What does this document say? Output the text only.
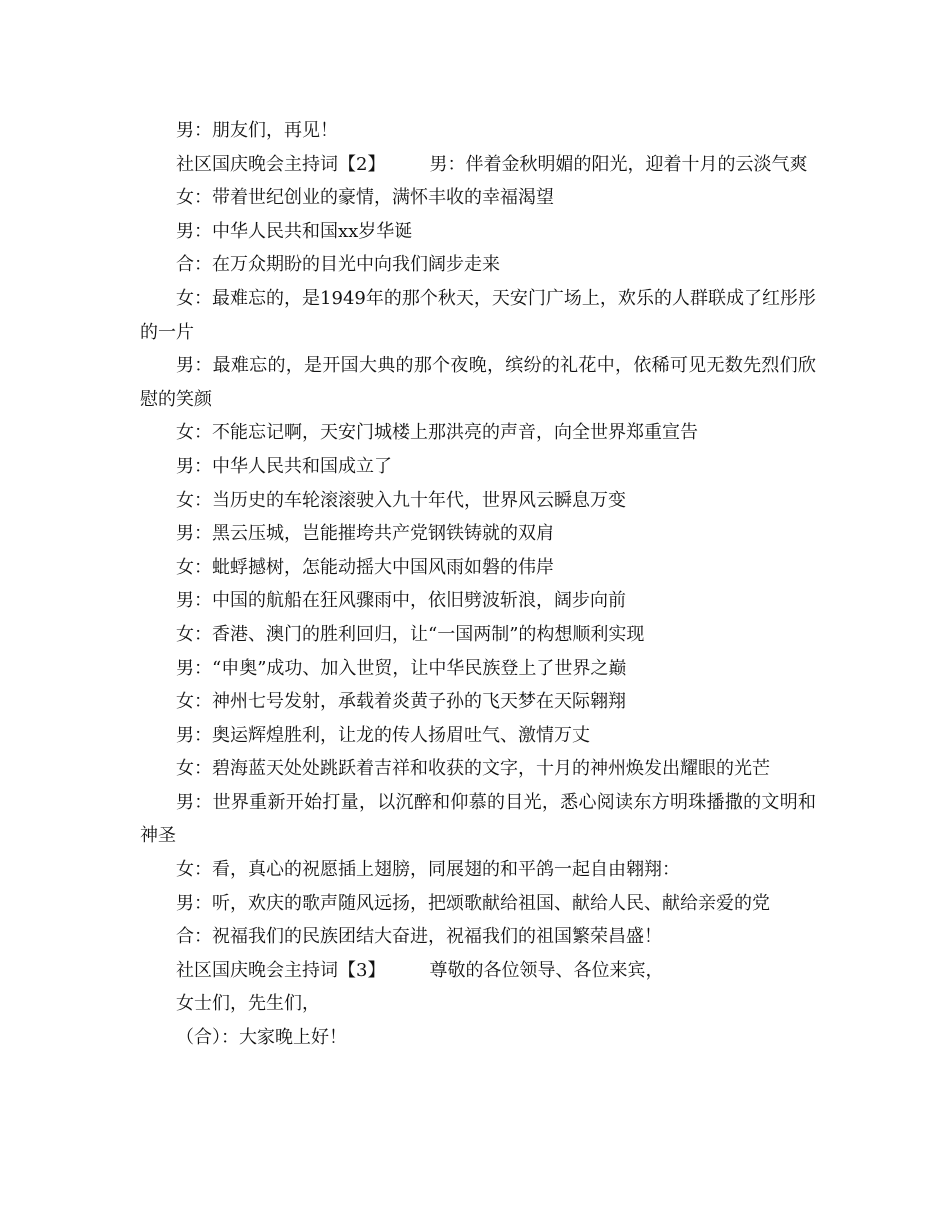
男：朋友们，再见！

社区国庆晚会主持词【2】 男：伴着金秋明媚的阳光，迎着十月的云淡气爽

女：带着世纪创业的豪情，满怀丰收的幸福渴望

男：中华人民共和国xx岁华诞

合：在万众期盼的目光中向我们阔步走来

女：最难忘的，是1949年的那个秋天，天安门广场上，欢乐的人群联成了红彤彤的一片

男：最难忘的，是开国大典的那个夜晚，缤纷的礼花中，依稀可见无数先烈们欣慰的笑颜

女：不能忘记啊，天安门城楼上那洪亮的声音，向全世界郑重宣告

男：中华人民共和国成立了

女：当历史的车轮滚滚驶入九十年代，世界风云瞬息万变

男：黑云压城，岂能摧垮共产党钢铁铸就的双肩

女：蚍蜉撼树，怎能动摇大中国风雨如磐的伟岸

男：中国的航船在狂风骤雨中，依旧劈波斩浪，阔步向前

女：香港、澳门的胜利回归，让“一国两制”的构想顺利实现

男：“申奥”成功、加入世贸，让中华民族登上了世界之巅

女：神州七号发射，承载着炎黄子孙的飞天梦在天际翱翔

男：奥运辉煌胜利，让龙的传人扬眉吐气、激情万丈

女：碧海蓝天处处跳跃着吉祥和收获的文字，十月的神州焕发出耀眼的光芒

男：世界重新开始打量，以沉醉和仰慕的目光，悉心阅读东方明珠播撒的文明和神圣

女：看，真心的祝愿插上翅膀，同展翅的和平鸽一起自由翱翔：

男：听，欢庆的歌声随风远扬，把颂歌献给祖国、献给人民、献给亲爱的党

合：祝福我们的民族团结大奋进，祝福我们的祖国繁荣昌盛！

社区国庆晚会主持词【3】 尊敬的各位领导、各位来宾，

女士们，先生们，

（合）：大家晚上好！
